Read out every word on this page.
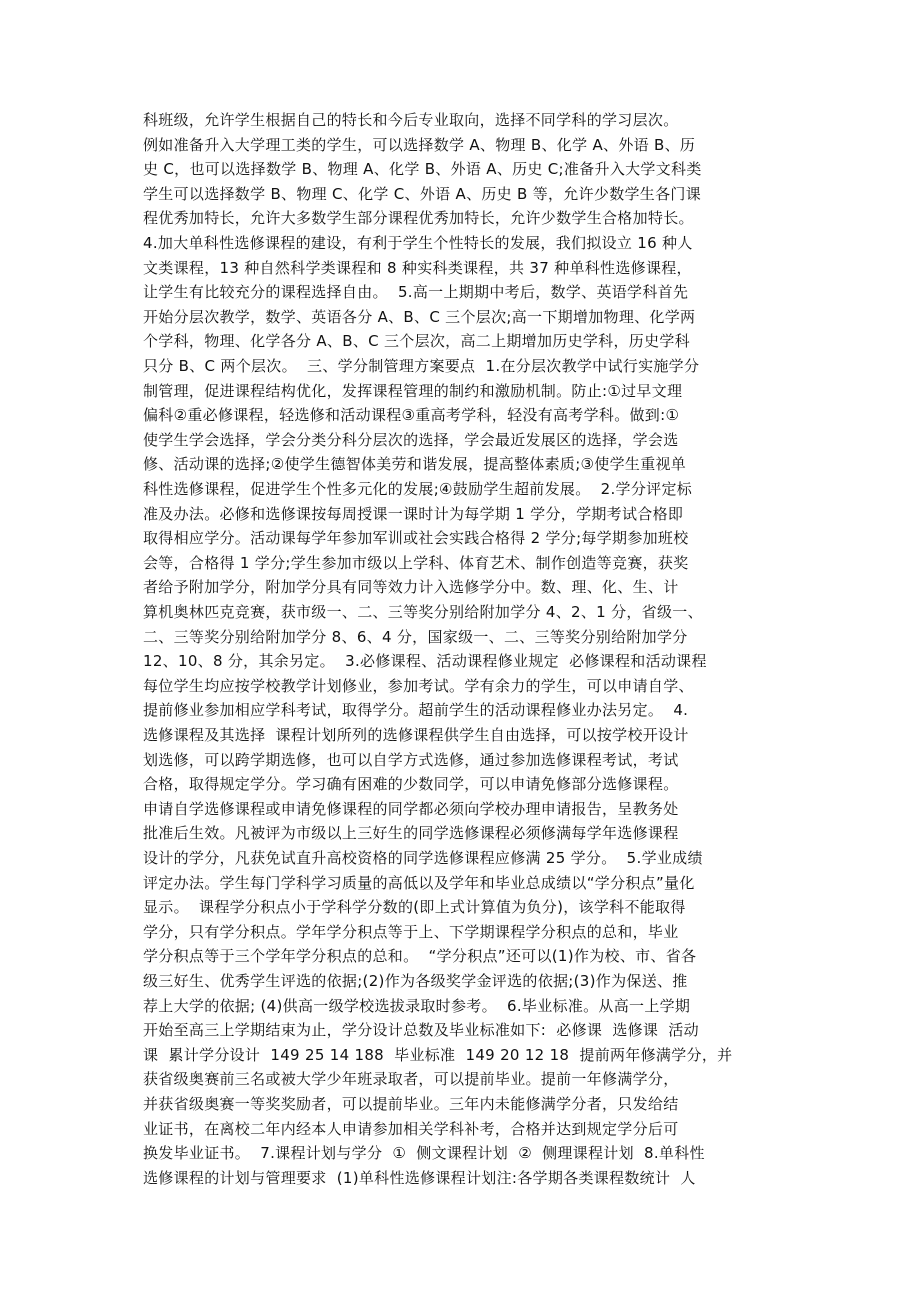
科班级，允许学生根据自己的特长和今后专业取向，选择不同学科的学习层次。
例如准备升入大学理工类的学生，可以选择数学 A、物理 B、化学 A、外语 B、历
史 C，也可以选择数学 B、物理 A、化学 B、外语 A、历史 C;准备升入大学文科类
学生可以选择数学 B、物理 C、化学 C、外语 A、历史 B 等，允许少数学生各门课
程优秀加特长，允许大多数学生部分课程优秀加特长，允许少数学生合格加特长。
4.加大单科性选修课程的建设，有利于学生个性特长的发展，我们拟设立 16 种人
文类课程，13 种自然科学类课程和 8 种实科类课程，共 37 种单科性选修课程，
让学生有比较充分的课程选择自由。  5.高一上期期中考后，数学、英语学科首先
开始分层次教学，数学、英语各分 A、B、C 三个层次;高一下期增加物理、化学两
个学科，物理、化学各分 A、B、C 三个层次，高二上期增加历史学科，历史学科
只分 B、C 两个层次。  三、学分制管理方案要点  1.在分层次教学中试行实施学分
制管理，促进课程结构优化，发挥课程管理的制约和激励机制。防止:①过早文理
偏科②重必修课程，轻选修和活动课程③重高考学科，轻没有高考学科。做到:①
使学生学会选择，学会分类分科分层次的选择，学会最近发展区的选择，学会选
修、活动课的选择;②使学生德智体美劳和谐发展，提高整体素质;③使学生重视单
科性选修课程，促进学生个性多元化的发展;④鼓励学生超前发展。  2.学分评定标
准及办法。必修和选修课按每周授课一课时计为每学期 1 学分，学期考试合格即
取得相应学分。活动课每学年参加军训或社会实践合格得 2 学分;每学期参加班校
会等，合格得 1 学分;学生参加市级以上学科、体育艺术、制作创造等竞赛，获奖
者给予附加学分，附加学分具有同等效力计入选修学分中。数、理、化、生、计
算机奥林匹克竞赛，获市级一、二、三等奖分别给附加学分 4、2、1 分，省级一、
二、三等奖分别给附加学分 8、6、4 分，国家级一、二、三等奖分别给附加学分
12、10、8 分，其余另定。  3.必修课程、活动课程修业规定  必修课程和活动课程
每位学生均应按学校教学计划修业，参加考试。学有余力的学生，可以申请自学、
提前修业参加相应学科考试，取得学分。超前学生的活动课程修业办法另定。  4.
选修课程及其选择  课程计划所列的选修课程供学生自由选择，可以按学校开设计
划选修，可以跨学期选修，也可以自学方式选修，通过参加选修课程考试，考试
合格，取得规定学分。学习确有困难的少数同学，可以申请免修部分选修课程。
申请自学选修课程或申请免修课程的同学都必须向学校办理申请报告，呈教务处
批准后生效。凡被评为市级以上三好生的同学选修课程必须修满每学年选修课程
设计的学分，凡获免试直升高校资格的同学选修课程应修满 25 学分。  5.学业成绩
评定办法。学生每门学科学习质量的高低以及学年和毕业总成绩以“学分积点”量化
显示。  课程学分积点小于学科学分数的(即上式计算值为负分)，该学科不能取得
学分，只有学分积点。学年学分积点等于上、下学期课程学分积点的总和，毕业
学分积点等于三个学年学分积点的总和。  “学分积点”还可以(1)作为校、市、省各
级三好生、优秀学生评选的依据;(2)作为各级奖学金评选的依据;(3)作为保送、推
荐上大学的依据; (4)供高一级学校选拔录取时参考。  6.毕业标准。从高一上学期
开始至高三上学期结束为止，学分设计总数及毕业标准如下:  必修课  选修课  活动
课  累计学分设计  149 25 14 188  毕业标准  149 20 12 18  提前两年修满学分，并
获省级奥赛前三名或被大学少年班录取者，可以提前毕业。提前一年修满学分，
并获省级奥赛一等奖奖励者，可以提前毕业。三年内未能修满学分者，只发给结
业证书，在离校二年内经本人申请参加相关学科补考，合格并达到规定学分后可
换发毕业证书。  7.课程计划与学分  ①  侧文课程计划  ②  侧理课程计划  8.单科性
选修课程的计划与管理要求  (1)单科性选修课程计划注:各学期各类课程数统计  人
